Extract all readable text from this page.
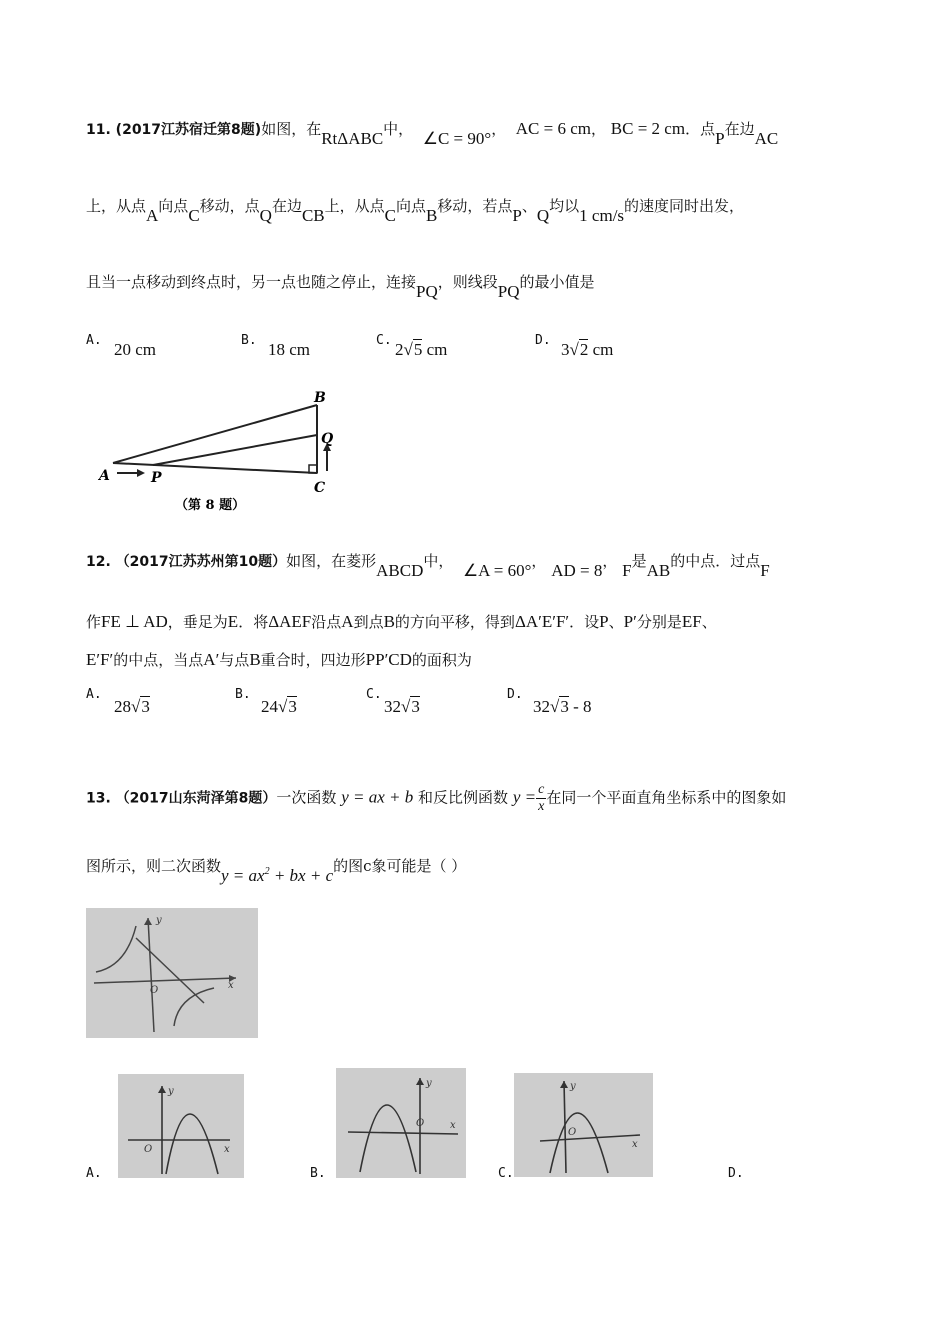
11. (2017江苏宿迁第8题)如图，在RtΔABC中， ∠C = 90°， AC = 6 cm， BC = 2 cm．点P在边AC
上，从点A向点C移动，点Q在边CB上，从点C向点B移动，若点P、Q均以1 cm/s的速度同时出发，
且当一点移动到终点时，另一点也随之停止，连接PQ，则线段PQ的最小值是
A. 20 cm	B. 18 cm	C. 2√5 cm	D. 3√2 cm
A	P
B
Q
C
（第 8 题）
12. （2017江苏苏州第10题）如图，在菱形ABCD中， ∠A = 60°， AD = 8， F是AB的中点．过点F
作FE ⊥ AD，垂足为E．将ΔAEF沿点A到点B的方向平移，得到ΔA′E′F′．设P、P′分别是EF、
E′F′的中点，当点A′与点B重合时，四边形PP′CD的面积为
A.
28√3
B.
24√3
C.
32√3
D.
32√3 - 8
13. （2017山东菏泽第8题）一次函数 y = ax + b 和反比例函数 $y = \frac{c}{x}$ 在同一个平面直角坐标系中的图象如
图所示，则二次函数$y = ax^2$ + bx + c的图c象可能是（ ）
y
x
O
A.
y
x
O
B.
y
x
O
C.
y
x
O
D.
